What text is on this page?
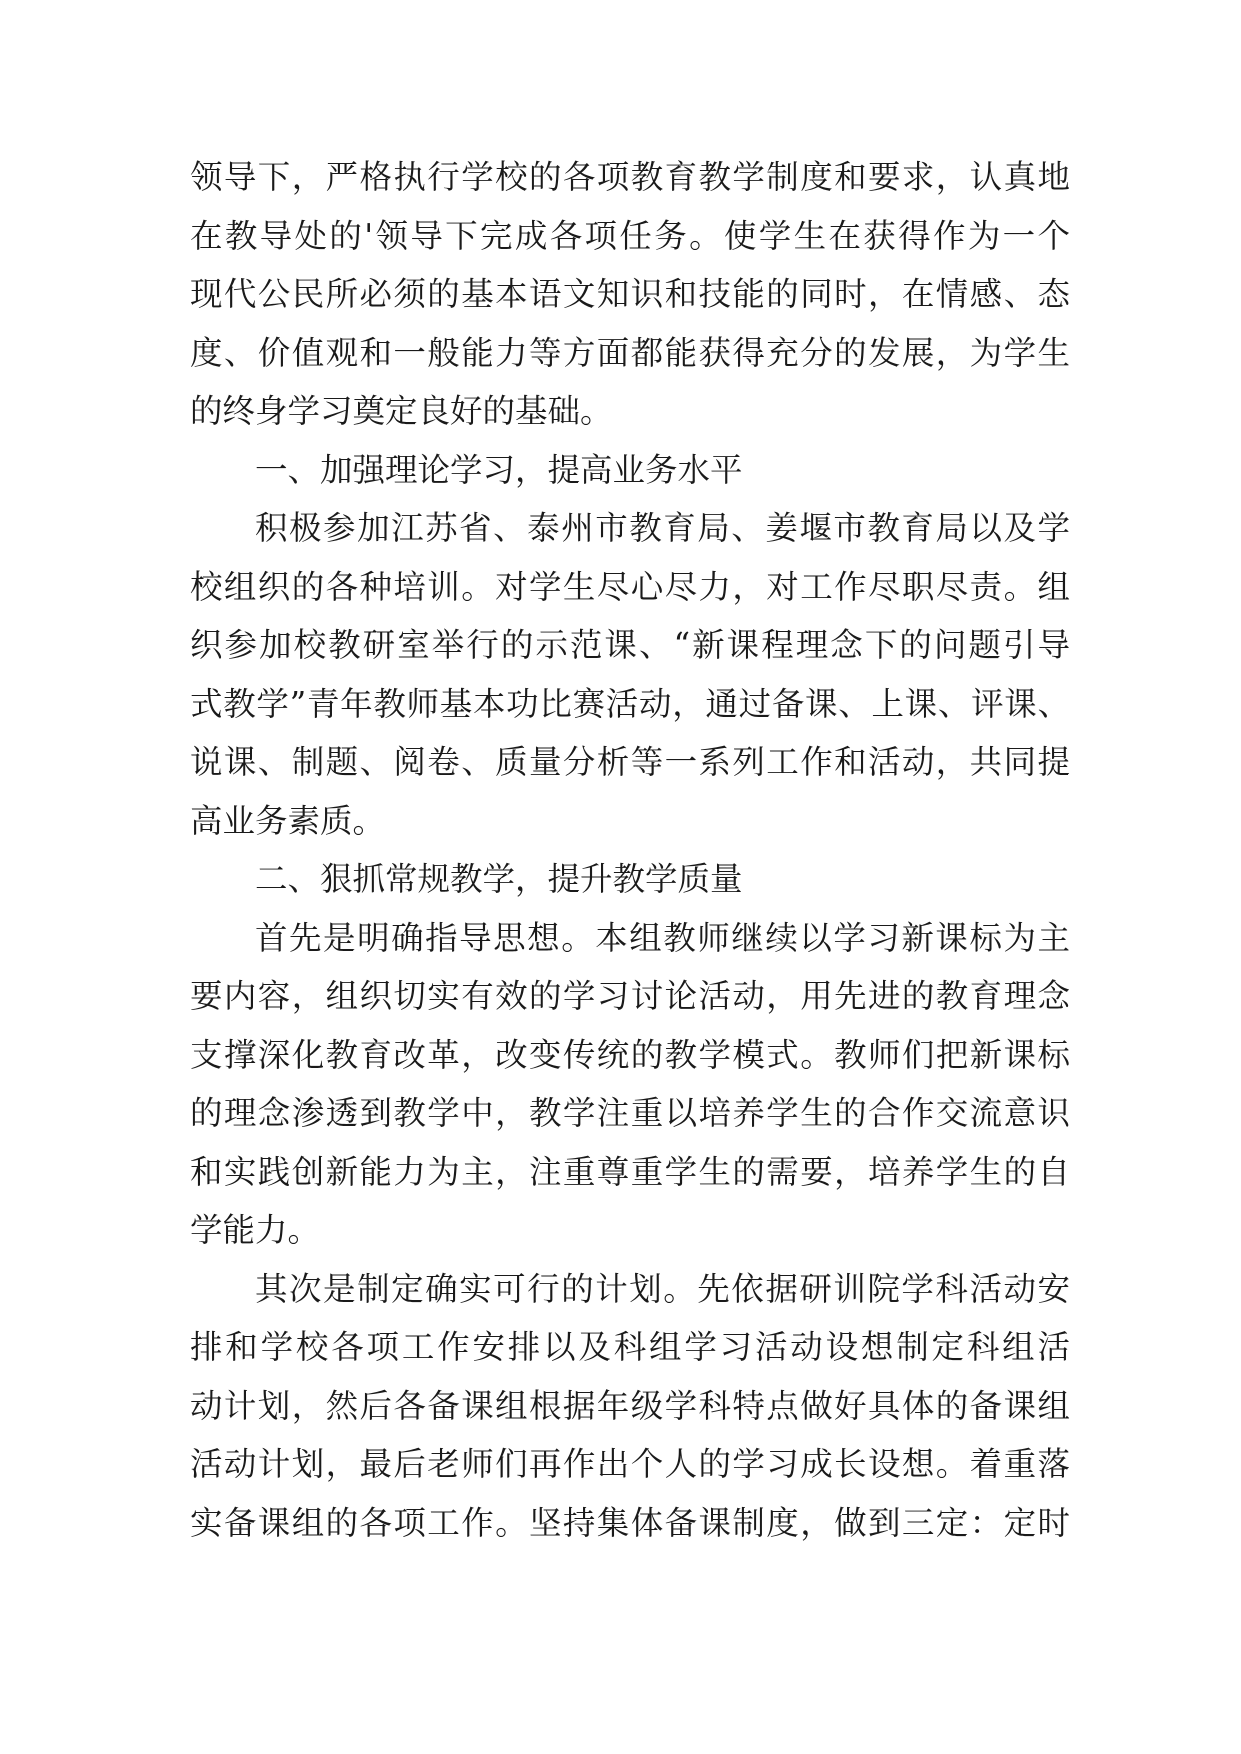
领导下，严格执行学校的各项教育教学制度和要求，认真地
在教导处的'领导下完成各项任务。使学生在获得作为一个
现代公民所必须的基本语文知识和技能的同时，在情感、态
度、价值观和一般能力等方面都能获得充分的发展，为学生
的终身学习奠定良好的基础。
一、加强理论学习，提高业务水平
积极参加江苏省、泰州市教育局、姜堰市教育局以及学
校组织的各种培训。对学生尽心尽力，对工作尽职尽责。组
织参加校教研室举行的示范课、“新课程理念下的问题引导
式教学”青年教师基本功比赛活动，通过备课、上课、评课、
说课、制题、阅卷、质量分析等一系列工作和活动，共同提
高业务素质。
二、狠抓常规教学，提升教学质量
首先是明确指导思想。本组教师继续以学习新课标为主
要内容，组织切实有效的学习讨论活动，用先进的教育理念
支撑深化教育改革，改变传统的教学模式。教师们把新课标
的理念渗透到教学中，教学注重以培养学生的合作交流意识
和实践创新能力为主，注重尊重学生的需要，培养学生的自
学能力。
其次是制定确实可行的计划。先依据研训院学科活动安
排和学校各项工作安排以及科组学习活动设想制定科组活
动计划，然后各备课组根据年级学科特点做好具体的备课组
活动计划，最后老师们再作出个人的学习成长设想。着重落
实备课组的各项工作。坚持集体备课制度，做到三定：定时
